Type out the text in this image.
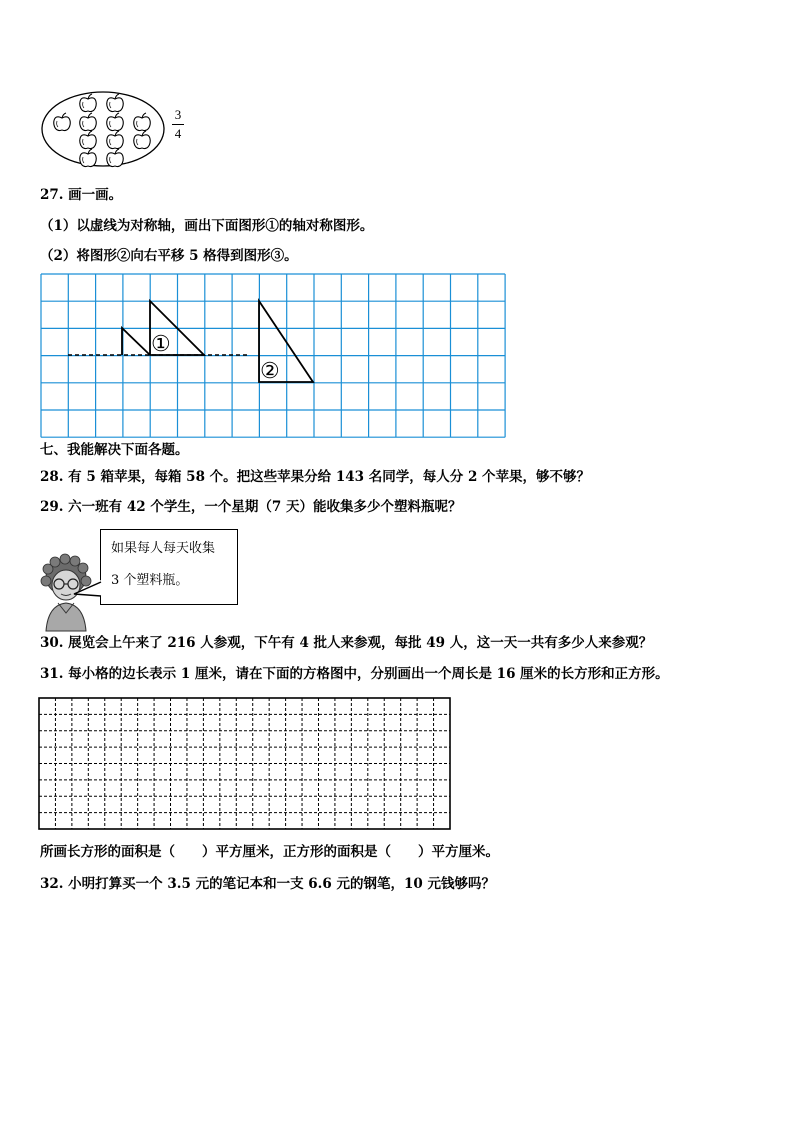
3
4
27. 画一画。
（1）以虚线为对称轴，画出下面图形①的轴对称图形。
（2）将图形②向右平移 5 格得到图形③。
①
②
七、我能解决下面各题。
28. 有 5 箱苹果，每箱 58 个。把这些苹果分给 143 名同学，每人分 2 个苹果，够不够？
29. 六一班有 42 个学生，一个星期（7 天）能收集多少个塑料瓶呢？
如果每人每天收集
3 个塑料瓶。
30. 展览会上午来了 216 人参观，下午有 4 批人来参观，每批 49 人，这一天一共有多少人来参观？
31. 每小格的边长表示 1 厘米，请在下面的方格图中，分别画出一个周长是 16 厘米的长方形和正方形。
所画长方形的面积是（　　）平方厘米，正方形的面积是（　　）平方厘米。
32. 小明打算买一个 3.5 元的笔记本和一支 6.6 元的钢笔，10 元钱够吗？
